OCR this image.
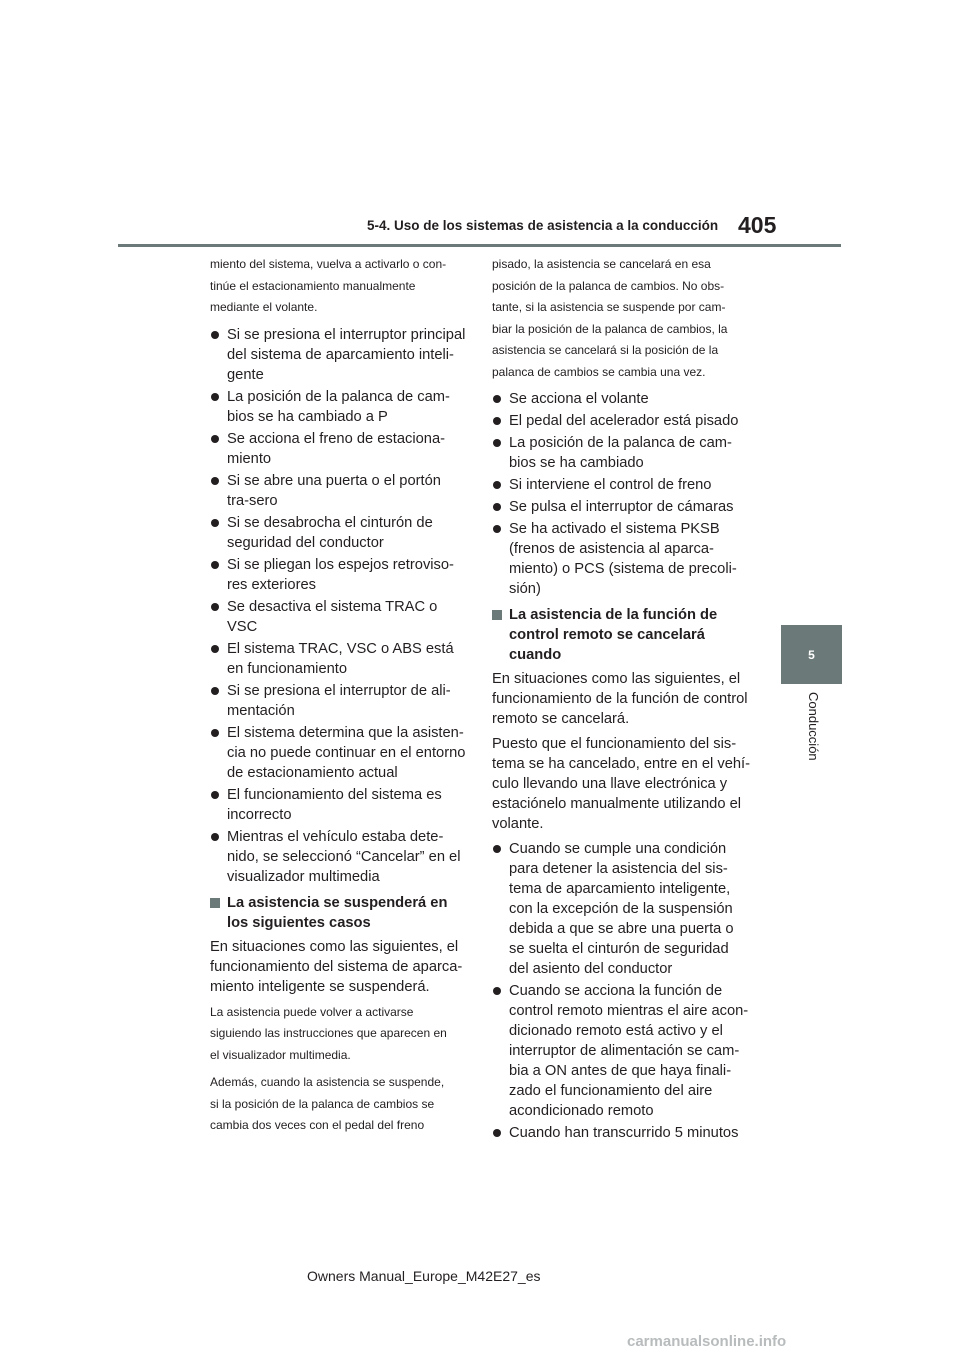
5-4. Uso de los sistemas de asistencia a la conducción 405
5
Conducción

miento del sistema, vuelva a activarlo o con-
tinúe el estacionamiento manualmente
mediante el volante.

Si se presiona el interruptor principal del sistema de aparcamiento inteli-gente
La posición de la palanca de cam-bios se ha cambiado a P
Se acciona el freno de estaciona-miento
Si se abre una puerta o el portón tra-sero
Si se desabrocha el cinturón de seguridad del conductor
Si se pliegan los espejos retroviso-res exteriores
Se desactiva el sistema TRAC o VSC
El sistema TRAC, VSC o ABS está en funcionamiento
Si se presiona el interruptor de ali-mentación
El sistema determina que la asisten-cia no puede continuar en el entorno de estacionamiento actual
El funcionamiento del sistema es incorrecto
Mientras el vehículo estaba dete-nido, se seleccionó “Cancelar” en el visualizador multimedia
La asistencia se suspenderá en los siguientes casos

En situaciones como las siguientes, el funcionamiento del sistema de aparca-miento inteligente se suspenderá.

La asistencia puede volver a activarse
siguiendo las instrucciones que aparecen en
el visualizador multimedia.

Además, cuando la asistencia se suspende,
si la posición de la palanca de cambios se
cambia dos veces con el pedal del freno

pisado, la asistencia se cancelará en esa
posición de la palanca de cambios. No obs-
tante, si la asistencia se suspende por cam-
biar la posición de la palanca de cambios, la
asistencia se cancelará si la posición de la
palanca de cambios se cambia una vez.

Se acciona el volante
El pedal del acelerador está pisado
La posición de la palanca de cam-bios se ha cambiado
Si interviene el control de freno
Se pulsa el interruptor de cámaras
Se ha activado el sistema PKSB (frenos de asistencia al aparca-miento) o PCS (sistema de precoli-sión)
La asistencia de la función de control remoto se cancelará cuando

En situaciones como las siguientes, el funcionamiento de la función de control remoto se cancelará.

Puesto que el funcionamiento del sis-tema se ha cancelado, entre en el vehí-culo llevando una llave electrónica y estaciónelo manualmente utilizando el volante.

Cuando se cumple una condición para detener la asistencia del sis-tema de aparcamiento inteligente, con la excepción de la suspensión debida a que se abre una puerta o se suelta el cinturón de seguridad del asiento del conductor
Cuando se acciona la función de control remoto mientras el aire acon-dicionado remoto está activo y el interruptor de alimentación se cam-bia a ON antes de que haya finali-zado el funcionamiento del aire acondicionado remoto
Cuando han transcurrido 5 minutos
Owners Manual_Europe_M42E27_es
carmanualsonline.info
